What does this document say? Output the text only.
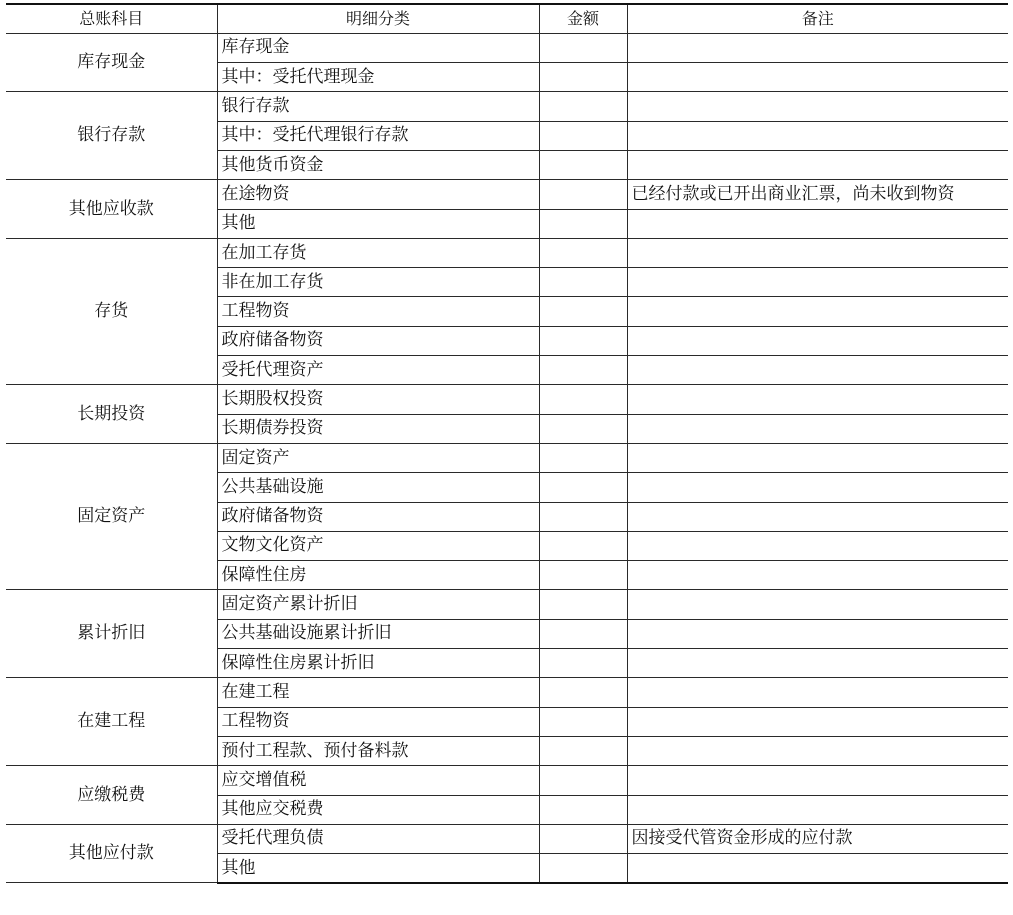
总账科目	明细分类	金额	备注
库存现金	库存现金		
	其中：受托代理现金		
银行存款	银行存款		
	其中：受托代理银行存款		
	其他货币资金		
其他应收款	在途物资		已经付款或已开出商业汇票，尚未收到物资
	其他		
存货	在加工存货		
	非在加工存货		
	工程物资		
	政府储备物资		
	受托代理资产		
长期投资	长期股权投资		
	长期债券投资		
固定资产	固定资产		
	公共基础设施		
	政府储备物资		
	文物文化资产		
	保障性住房		
累计折旧	固定资产累计折旧		
	公共基础设施累计折旧		
	保障性住房累计折旧		
在建工程	在建工程		
	工程物资		
	预付工程款、预付备料款		
应缴税费	应交增值税		
	其他应交税费		
其他应付款	受托代理负债		因接受代管资金形成的应付款
	其他		
